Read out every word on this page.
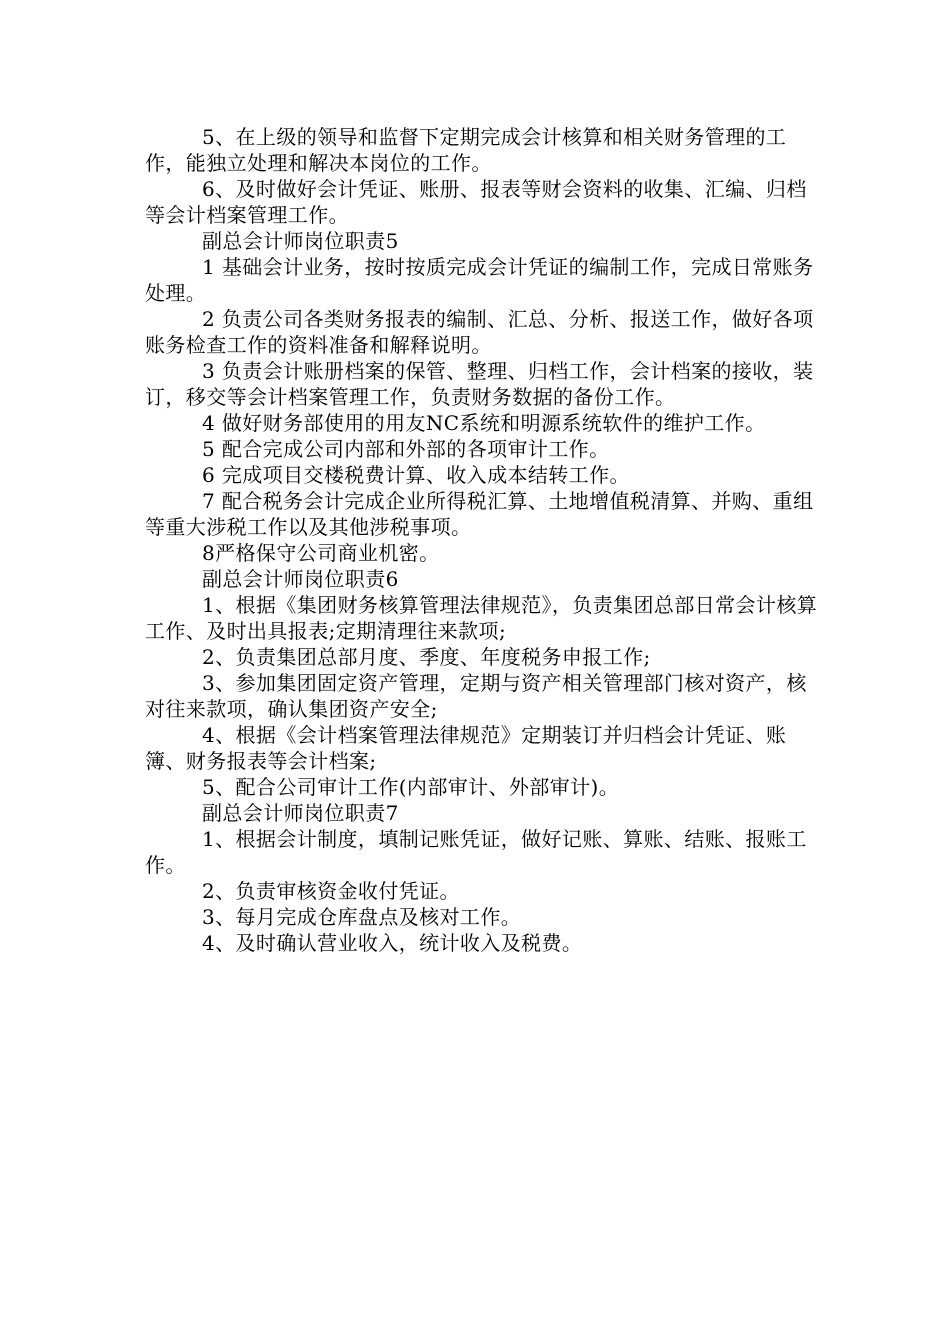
5、在上级的领导和监督下定期完成会计核算和相关财务管理的工作，能独立处理和解决本岗位的工作。

6、及时做好会计凭证、账册、报表等财会资料的收集、汇编、归档等会计档案管理工作。

副总会计师岗位职责5

1 基础会计业务，按时按质完成会计凭证的编制工作，完成日常账务处理。

2 负责公司各类财务报表的编制、汇总、分析、报送工作，做好各项账务检查工作的资料准备和解释说明。

3 负责会计账册档案的保管、整理、归档工作，会计档案的接收，装订，移交等会计档案管理工作，负责财务数据的备份工作。

4 做好财务部使用的用友NC系统和明源系统软件的维护工作。

5 配合完成公司内部和外部的各项审计工作。

6 完成项目交楼税费计算、收入成本结转工作。

7 配合税务会计完成企业所得税汇算、土地增值税清算、并购、重组等重大涉税工作以及其他涉税事项。

8严格保守公司商业机密。

副总会计师岗位职责6

1、根据《集团财务核算管理法律规范》，负责集团总部日常会计核算工作、及时出具报表;定期清理往来款项;

2、负责集团总部月度、季度、年度税务申报工作;

3、参加集团固定资产管理，定期与资产相关管理部门核对资产，核对往来款项，确认集团资产安全;

4、根据《会计档案管理法律规范》定期装订并归档会计凭证、账簿、财务报表等会计档案;

5、配合公司审计工作(内部审计、外部审计)。

副总会计师岗位职责7

1、根据会计制度，填制记账凭证，做好记账、算账、结账、报账工作。

2、负责审核资金收付凭证。

3、每月完成仓库盘点及核对工作。

4、及时确认营业收入，统计收入及税费。
